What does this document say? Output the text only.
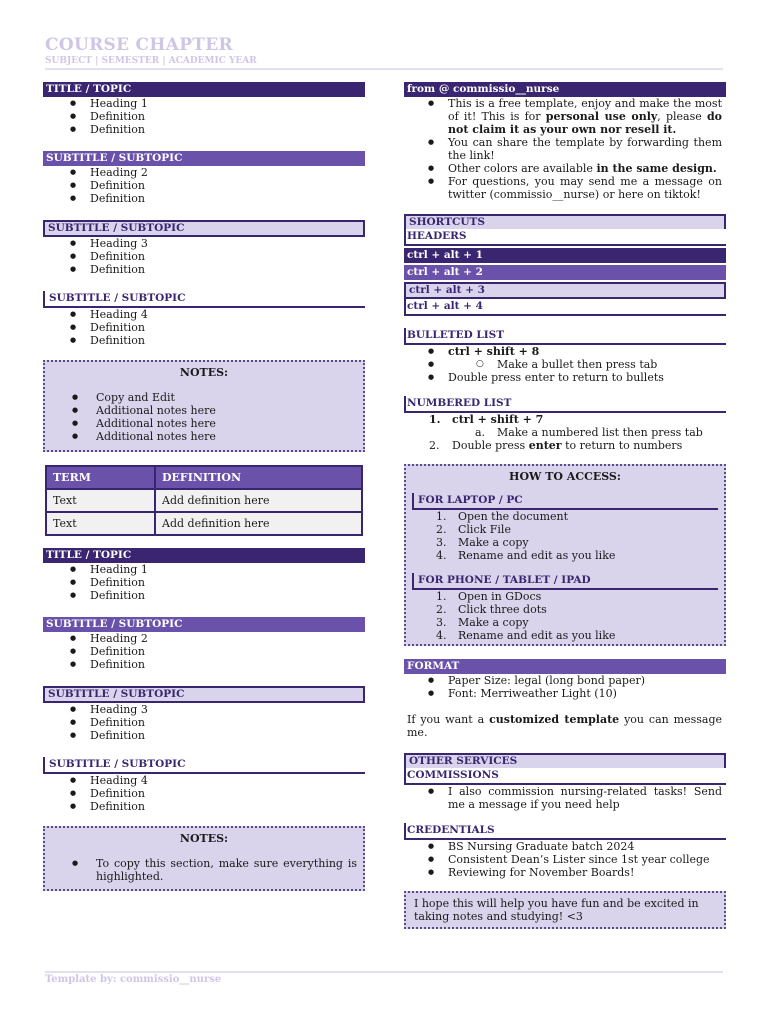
COURSE CHAPTER
SUBJECT | SEMESTER | ACADEMIC YEAR
TITLE / TOPIC
● Heading 1
● Definition
● Definition
SUBTITLE / SUBTOPIC
● Heading 2
● Definition
● Definition
SUBTITLE / SUBTOPIC
● Heading 3
● Definition
● Definition
SUBTITLE / SUBTOPIC
● Heading 4
● Definition
● Definition
NOTES:
● Copy and Edit
● Additional notes here
● Additional notes here
● Additional notes here
TERM	DEFINITION
Text	Add definition here
Text	Add definition here
TITLE / TOPIC
● Heading 1
● Definition
● Definition
SUBTITLE / SUBTOPIC
● Heading 2
● Definition
● Definition
SUBTITLE / SUBTOPIC
● Heading 3
● Definition
● Definition
SUBTITLE / SUBTOPIC
● Heading 4
● Definition
● Definition
NOTES:
● To copy this section, make sure everything is highlighted.
from @ commissio__nurse
● This is a free template, enjoy and make the most of it! This is for personal use only, please do not claim it as your own nor resell it.
● You can share the template by forwarding them the link!
● Other colors are available in the same design.
● For questions, you may send me a message on twitter (commissio__nurse) or here on tiktok!
SHORTCUTS
HEADERS
ctrl + alt + 1
ctrl + alt + 2
ctrl + alt + 3
ctrl + alt + 4
BULLETED LIST
● ctrl + shift + 8
● ○ Make a bullet then press tab
● Double press enter to return to bullets
NUMBERED LIST
1. ctrl + shift + 7
a. Make a numbered list then press tab
2. Double press enter to return to numbers
HOW TO ACCESS:
FOR LAPTOP / PC
1. Open the document
2. Click File
3. Make a copy
4. Rename and edit as you like
FOR PHONE / TABLET / IPAD
1. Open in GDocs
2. Click three dots
3. Make a copy
4. Rename and edit as you like
FORMAT
● Paper Size: legal (long bond paper)
● Font: Merriweather Light (10)
If you want a customized template you can message me.
OTHER SERVICES
COMMISSIONS
● I also commission nursing-related tasks! Send me a message if you need help
CREDENTIALS
● BS Nursing Graduate batch 2024
● Consistent Dean’s Lister since 1st year college
● Reviewing for November Boards!
I hope this will help you have fun and be excited in taking notes and studying! <3
Template by: commissio__nurse
